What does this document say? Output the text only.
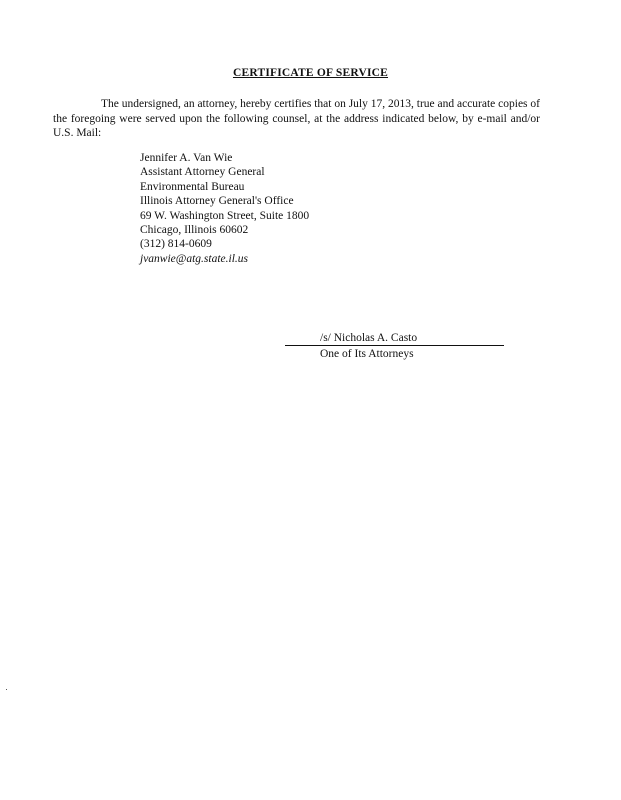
CERTIFICATE OF SERVICE

The undersigned, an attorney, hereby certifies that on July 17, 2013, true and accurate copies of the foregoing were served upon the following counsel, at the address indicated below, by e-mail and/or U.S. Mail:

Jennifer A. Van Wie
Assistant Attorney General
Environmental Bureau
Illinois Attorney General's Office
69 W. Washington Street, Suite 1800
Chicago, Illinois 60602
(312) 814-0609
jvanwie@atg.state.il.us
/s/ Nicholas A. Casto
One of Its Attorneys
